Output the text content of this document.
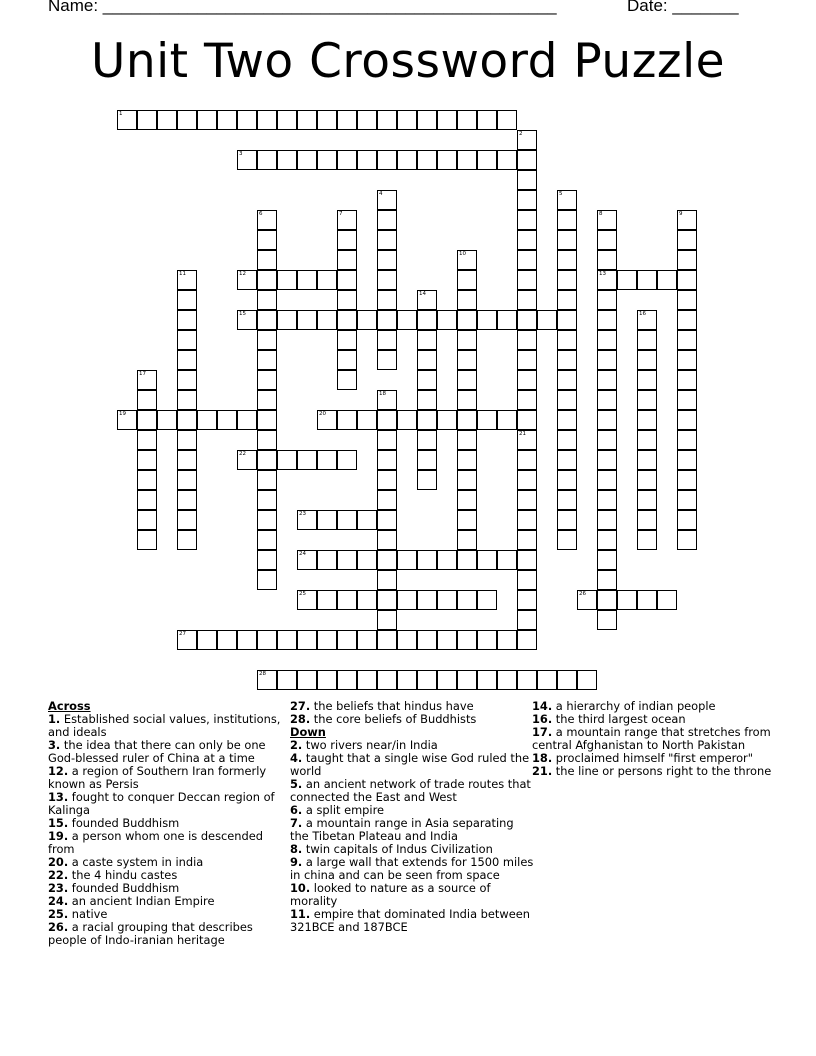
Name: ________________________________________________	Date: _______
Unit Two Crossword Puzzle
1
3
12	13
15
19	20
22
23
24
25	26
27
28
2
21
4	5
6	7	8	9
10
11
14
16
17
18
Across
1. Established social values, institutions, and ideals
3. the idea that there can only be one God-blessed ruler of China at a time
12. a region of Southern Iran formerly known as Persis
13. fought to conquer Deccan region of Kalinga
15. founded Buddhism
19. a person whom one is descended from
20. a caste system in india
22. the 4 hindu castes
23. founded Buddhism
24. an ancient Indian Empire
25. native
26. a racial grouping that describes people of Indo-iranian heritage
27. the beliefs that hindus have
28. the core beliefs of Buddhists
Down
2. two rivers near/in India
4. taught that a single wise God ruled the world
5. an ancient network of trade routes that connected the East and West
6. a split empire
7. a mountain range in Asia separating the Tibetan Plateau and India
8. twin capitals of Indus Civilization
9. a large wall that extends for 1500 miles in china and can be seen from space
10. looked to nature as a source of morality
11. empire that dominated India between 321BCE and 187BCE
14. a hierarchy of indian people
16. the third largest ocean
17. a mountain range that stretches from central Afghanistan to North Pakistan
18. proclaimed himself "first emperor"
21. the line or persons right to the throne
